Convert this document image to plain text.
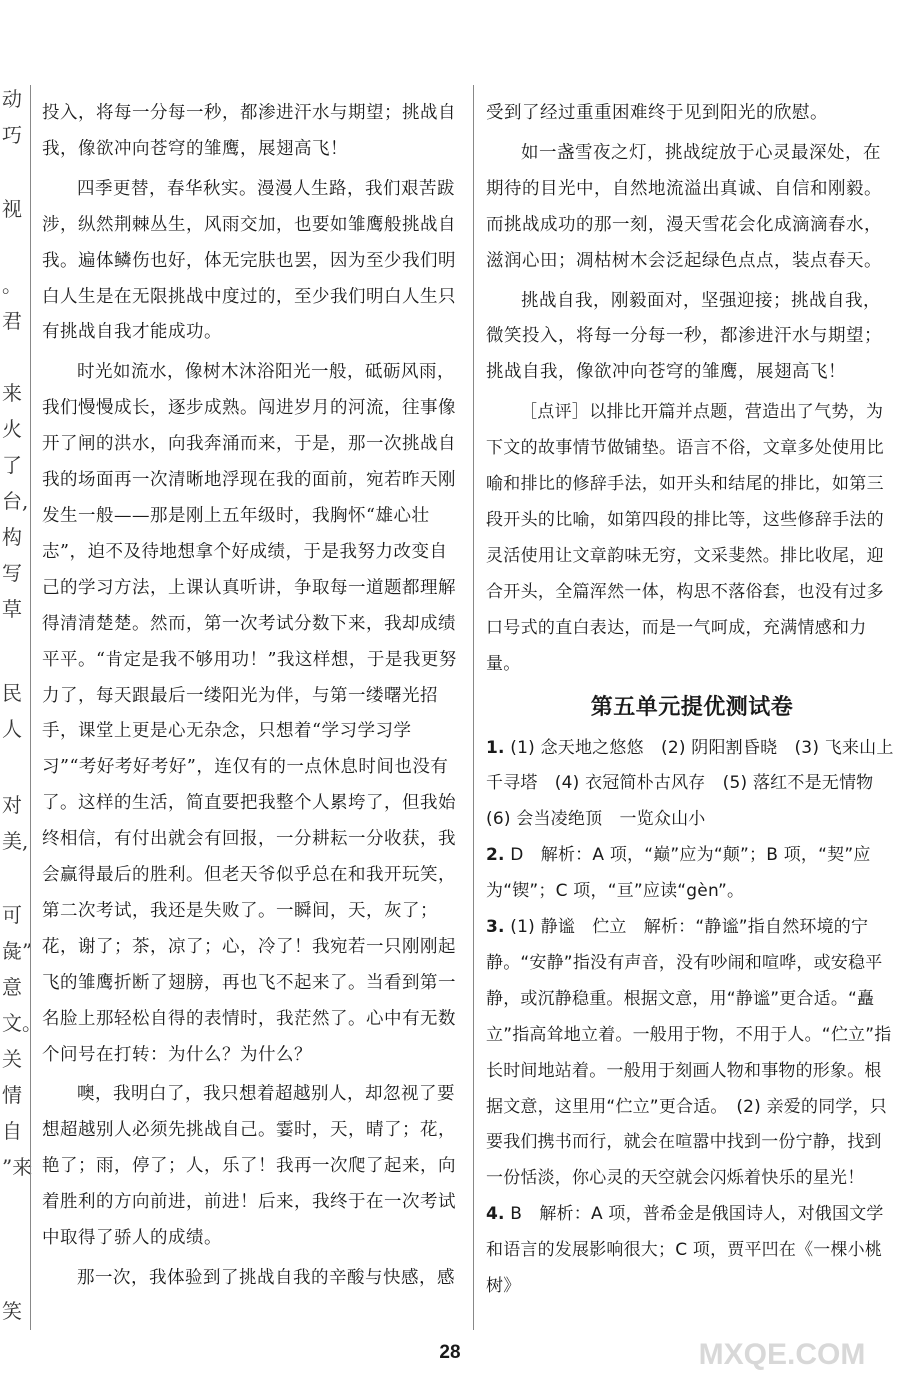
动
巧
视
。
君
来
火
了
台,
构
写
草
民
人
对
美,
可
彘”
意
文。
关
情
自
”来
笑

投入，将每一分每一秒，都渗进汗水与期望；挑战自我，像欲冲向苍穹的雏鹰，展翅高飞！

四季更替，春华秋实。漫漫人生路，我们艰苦跋涉，纵然荆棘丛生，风雨交加，也要如雏鹰般挑战自我。遍体鳞伤也好，体无完肤也罢，因为至少我们明白人生是在无限挑战中度过的，至少我们明白人生只有挑战自我才能成功。

时光如流水，像树木沐浴阳光一般，砥砺风雨，我们慢慢成长，逐步成熟。闯进岁月的河流，往事像开了闸的洪水，向我奔涌而来，于是，那一次挑战自我的场面再一次清晰地浮现在我的面前，宛若昨天刚发生一般——那是刚上五年级时，我胸怀“雄心壮志”，迫不及待地想拿个好成绩，于是我努力改变自己的学习方法，上课认真听讲，争取每一道题都理解得清清楚楚。然而，第一次考试分数下来，我却成绩平平。“肯定是我不够用功！”我这样想，于是我更努力了，每天跟最后一缕阳光为伴，与第一缕曙光招手，课堂上更是心无杂念，只想着“学习学习学习”“考好考好考好”，连仅有的一点休息时间也没有了。这样的生活，简直要把我整个人累垮了，但我始终相信，有付出就会有回报，一分耕耘一分收获，我会赢得最后的胜利。但老天爷似乎总在和我开玩笑，第二次考试，我还是失败了。一瞬间，天，灰了；花，谢了；茶，凉了；心，冷了！我宛若一只刚刚起飞的雏鹰折断了翅膀，再也飞不起来了。当看到第一名脸上那轻松自得的表情时，我茫然了。心中有无数个问号在打转：为什么？为什么？

噢，我明白了，我只想着超越别人，却忽视了要想超越别人必须先挑战自己。霎时，天，晴了；花，艳了；雨，停了；人，乐了！我再一次爬了起来，向着胜利的方向前进，前进！后来，我终于在一次考试中取得了骄人的成绩。

那一次，我体验到了挑战自我的辛酸与快感，感

受到了经过重重困难终于见到阳光的欣慰。

如一盏雪夜之灯，挑战绽放于心灵最深处，在期待的目光中，自然地流溢出真诚、自信和刚毅。而挑战成功的那一刻，漫天雪花会化成滴滴春水，滋润心田；凋枯树木会泛起绿色点点，装点春天。

挑战自我，刚毅面对，坚强迎接；挑战自我，微笑投入，将每一分每一秒，都渗进汗水与期望；挑战自我，像欲冲向苍穹的雏鹰，展翅高飞！

［点评］以排比开篇并点题，营造出了气势，为下文的故事情节做铺垫。语言不俗，文章多处使用比喻和排比的修辞手法，如开头和结尾的排比，如第三段开头的比喻，如第四段的排比等，这些修辞手法的灵活使用让文章韵味无穷，文采斐然。排比收尾，迎合开头，全篇浑然一体，构思不落俗套，也没有过多口号式的直白表达，而是一气呵成，充满情感和力量。

第五单元提优测试卷

1. (1) 念天地之悠悠　(2) 阴阳割昏晓　(3) 飞来山上千寻塔　(4) 衣冠简朴古风存　(5) 落红不是无情物　(6) 会当凌绝顶　一览众山小

2. D　解析：A 项，“巅”应为“颠”；B 项，“契”应为“锲”；C 项，“亘”应读“gèn”。

3. (1) 静谧　伫立　解析：“静谧”指自然环境的宁静。“安静”指没有声音，没有吵闹和喧哗，或安稳平静，或沉静稳重。根据文意，用“静谧”更合适。“矗立”指高耸地立着。一般用于物，不用于人。“伫立”指长时间地站着。一般用于刻画人物和事物的形象。根据文意，这里用“伫立”更合适。　(2) 亲爱的同学，只要我们携书而行，就会在喧嚣中找到一份宁静，找到一份恬淡，你心灵的天空就会闪烁着快乐的星光！

4. B　解析：A 项，普希金是俄国诗人，对俄国文学和语言的发展影响很大；C 项，贾平凹在《一棵小桃树》

28	MXQE.COM
